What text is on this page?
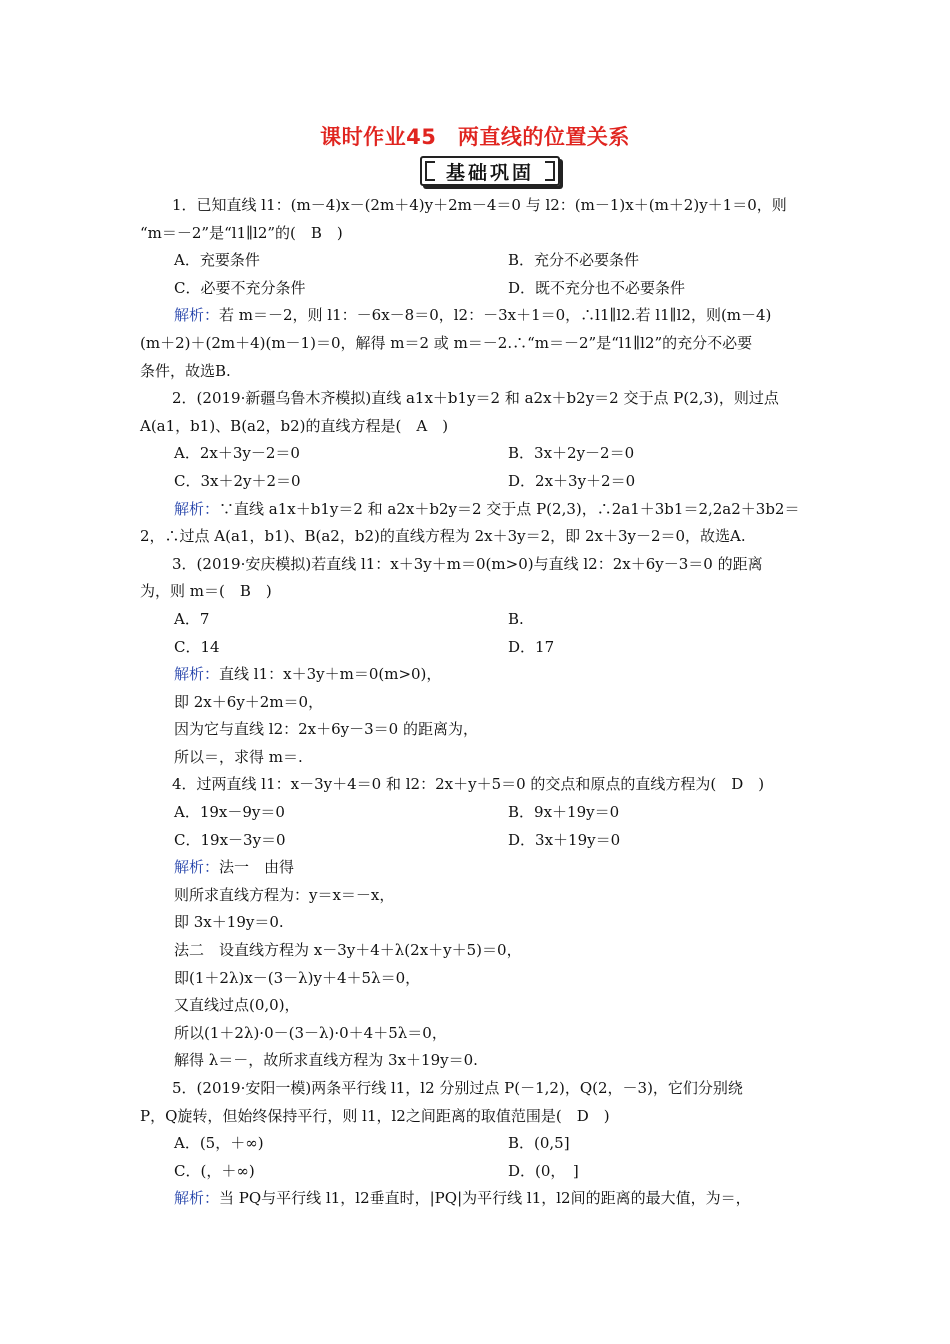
课时作业45　两直线的位置关系
基础巩固
1．已知直线 l1：(m－4)x－(2m＋4)y＋2m－4＝0 与 l2：(m－1)x＋(m＋2)y＋1＝0，则
“m＝－2”是“l1∥l2”的(　B　)
A．充要条件	B．充分不必要条件
C．必要不充分条件	D．既不充分也不必要条件
解析：若 m＝－2，则 l1：－6x－8＝0，l2：－3x＋1＝0，∴l1∥l2.若 l1∥l2，则(m－4)
(m＋2)＋(2m＋4)(m－1)＝0，解得 m＝2 或 m＝－2.∴“m＝－2”是“l1∥l2”的充分不必要
条件，故选B.
2．(2019·新疆乌鲁木齐模拟)直线 a1x＋b1y＝2 和 a2x＋b2y＝2 交于点 P(2,3)，则过点
A(a1，b1)、B(a2，b2)的直线方程是(　A　)
A．2x＋3y－2＝0	B．3x＋2y－2＝0
C．3x＋2y＋2＝0	D．2x＋3y＋2＝0
解析：∵直线 a1x＋b1y＝2 和 a2x＋b2y＝2 交于点 P(2,3)，∴2a1＋3b1＝2,2a2＋3b2＝
2，∴过点 A(a1，b1)、B(a2，b2)的直线方程为 2x＋3y＝2，即 2x＋3y－2＝0，故选A.
3．(2019·安庆模拟)若直线 l1：x＋3y＋m＝0(m>0)与直线 l2：2x＋6y－3＝0 的距离
为，则 m＝(　B　)
A．7	B.
C．14	D．17
解析：直线 l1：x＋3y＋m＝0(m>0)，
即 2x＋6y＋2m＝0，
因为它与直线 l2：2x＋6y－3＝0 的距离为，
所以＝，求得 m＝.
4．过两直线 l1：x－3y＋4＝0 和 l2：2x＋y＋5＝0 的交点和原点的直线方程为(　D　)
A．19x－9y＝0	B．9x＋19y＝0
C．19x－3y＝0	D．3x＋19y＝0
解析：法一　由得
则所求直线方程为：y＝x＝－x，
即 3x＋19y＝0.
法二　设直线方程为 x－3y＋4＋λ(2x＋y＋5)＝0，
即(1＋2λ)x－(3－λ)y＋4＋5λ＝0，
又直线过点(0,0)，
所以(1＋2λ)·0－(3－λ)·0＋4＋5λ＝0，
解得 λ＝－，故所求直线方程为 3x＋19y＝0.
5．(2019·安阳一模)两条平行线 l1，l2 分别过点 P(－1,2)，Q(2，－3)，它们分别绕
P，Q旋转，但始终保持平行，则 l1，l2之间距离的取值范围是(　D　)
A．(5，＋∞)	B．(0,5]
C．(，＋∞)	D．(0，　]
解析：当 PQ与平行线 l1，l2垂直时，|PQ|为平行线 l1，l2间的距离的最大值，为＝，
